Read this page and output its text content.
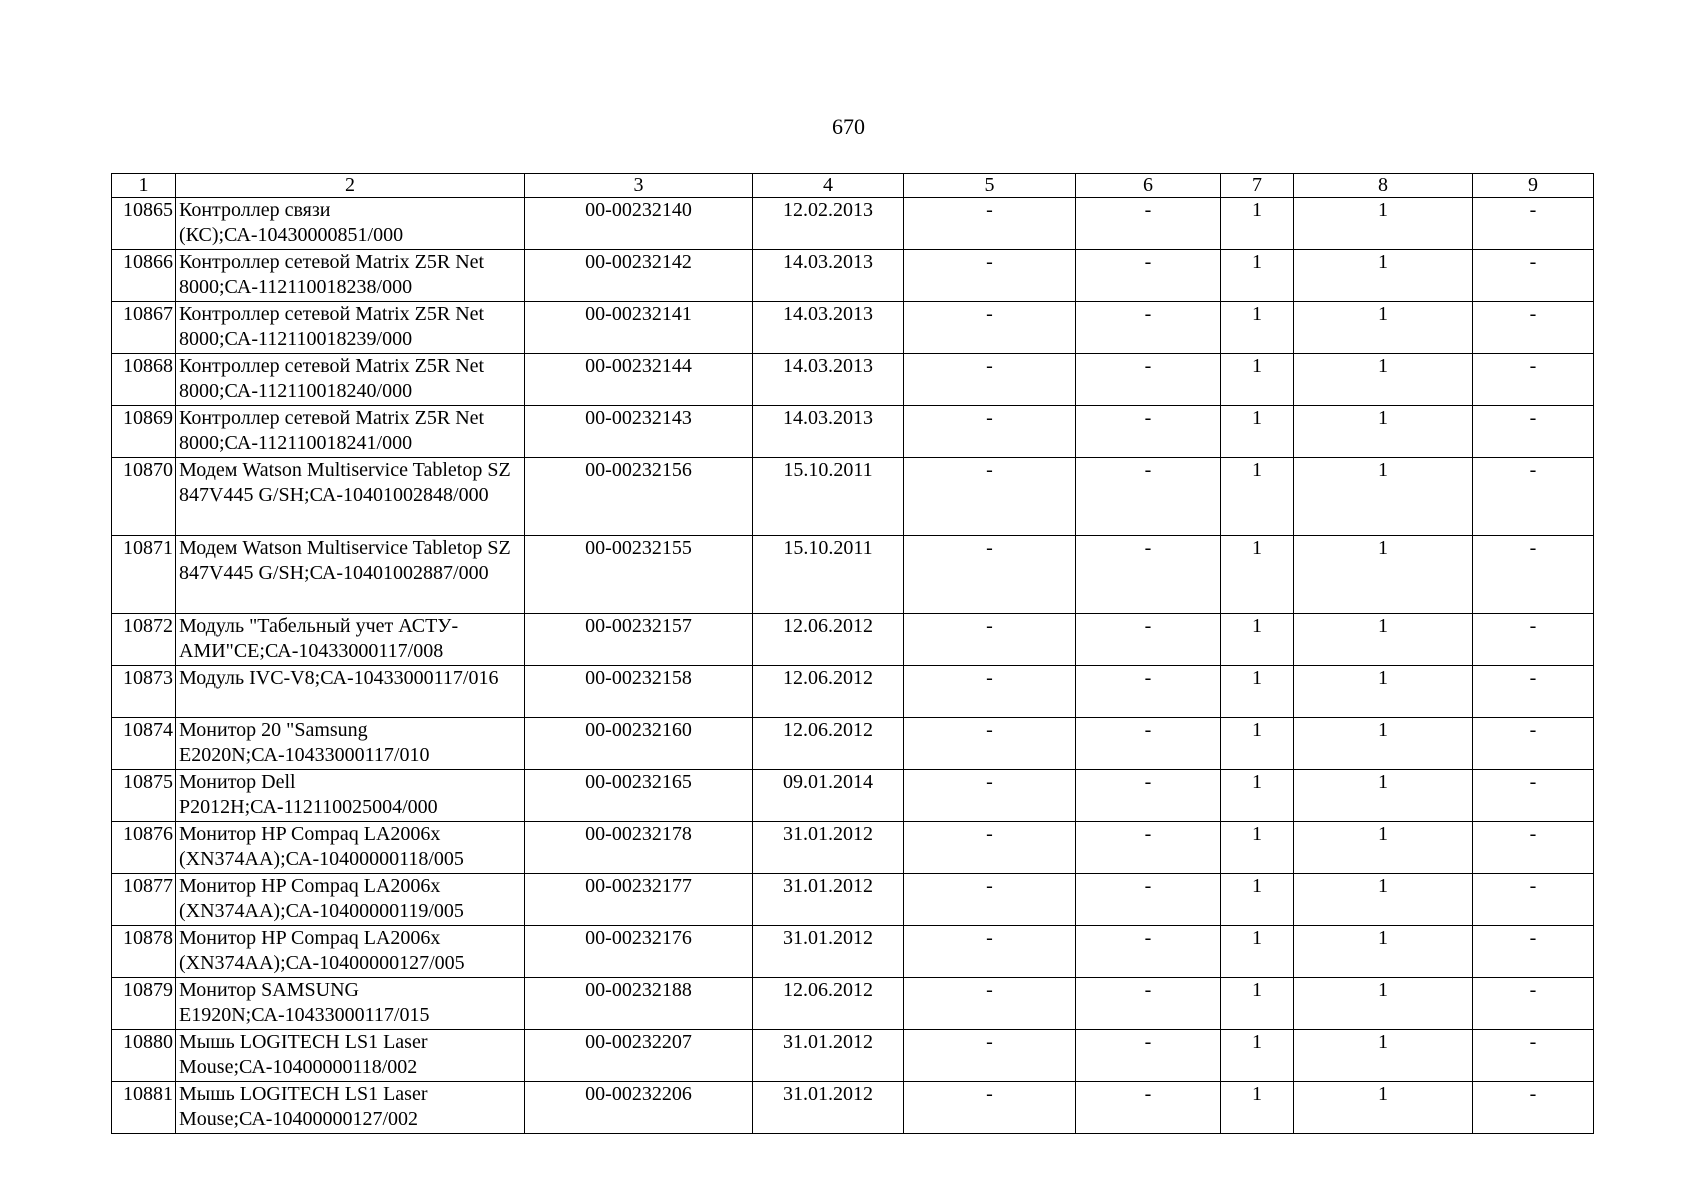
670
1	2	3	4	5	6	7	8	9
10865	Контроллер связи (КС);СА-10430000851/000	00-00232140	12.02.2013	-	-	1	1	-
10866	Контроллер сетевой Matrix Z5R Net 8000;СА-112110018238/000	00-00232142	14.03.2013	-	-	1	1	-
10867	Контроллер сетевой Matrix Z5R Net 8000;СА-112110018239/000	00-00232141	14.03.2013	-	-	1	1	-
10868	Контроллер сетевой Matrix Z5R Net 8000;СА-112110018240/000	00-00232144	14.03.2013	-	-	1	1	-
10869	Контроллер сетевой Matrix Z5R Net 8000;СА-112110018241/000	00-00232143	14.03.2013	-	-	1	1	-
10870	Модем Watson Multiservice Tabletop SZ 847V445 G/SH;СА-10401002848/000	00-00232156	15.10.2011	-	-	1	1	-
10871	Модем Watson Multiservice Tabletop SZ 847V445 G/SH;СА-10401002887/000	00-00232155	15.10.2011	-	-	1	1	-
10872	Модуль "Табельный учет АСТУ-АМИ"СЕ;СА-10433000117/008	00-00232157	12.06.2012	-	-	1	1	-
10873	Модуль IVC-V8;СА-10433000117/016	00-00232158	12.06.2012	-	-	1	1	-
10874	Монитор 20 "Samsung E2020N;СА-10433000117/010	00-00232160	12.06.2012	-	-	1	1	-
10875	Монитор Dell P2012H;СА-112110025004/000	00-00232165	09.01.2014	-	-	1	1	-
10876	Монитор HP Compaq LA2006x (XN374AA);СА-10400000118/005	00-00232178	31.01.2012	-	-	1	1	-
10877	Монитор HP Compaq LA2006x (XN374AA);СА-10400000119/005	00-00232177	31.01.2012	-	-	1	1	-
10878	Монитор HP Compaq LA2006x (XN374AA);СА-10400000127/005	00-00232176	31.01.2012	-	-	1	1	-
10879	Монитор SAMSUNG E1920N;СА-10433000117/015	00-00232188	12.06.2012	-	-	1	1	-
10880	Мышь LOGITECH LS1 Laser Mouse;СА-10400000118/002	00-00232207	31.01.2012	-	-	1	1	-
10881	Мышь LOGITECH LS1 Laser Mouse;СА-10400000127/002	00-00232206	31.01.2012	-	-	1	1	-
